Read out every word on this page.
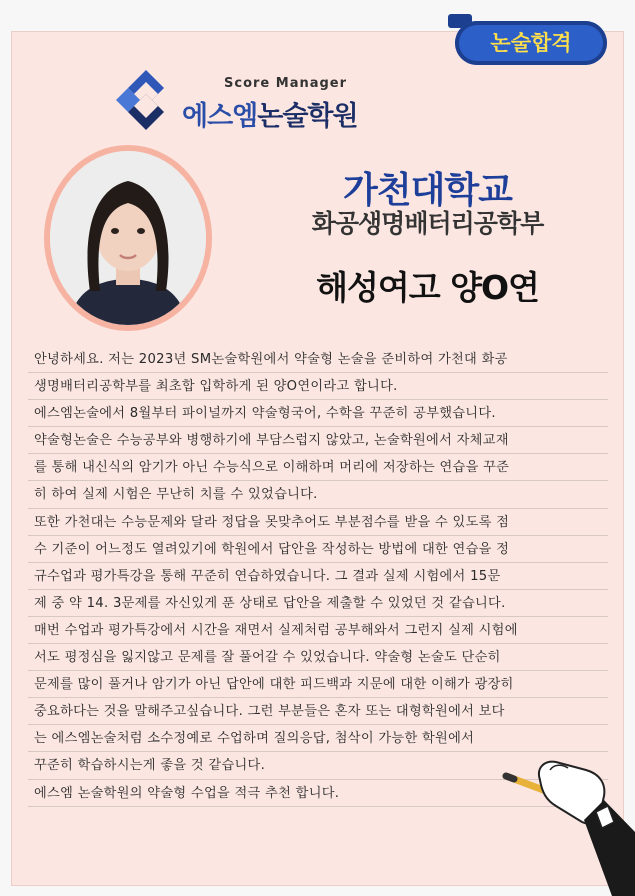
논술합격
Score Manager
에스엠논술학원
가천대학교
화공생명배터리공학부
해성여고 양O연
안녕하세요. 저는 2023년 SM논술학원에서 약술형 논술을 준비하여 가천대 화공
생명배터리공학부를 최초합 입학하게 된 양O연이라고 합니다.
에스엠논술에서 8월부터 파이널까지 약술형국어, 수학을 꾸준히 공부했습니다.
약술형논술은 수능공부와 병행하기에 부담스럽지 않았고, 논술학원에서 자체교재
를 통해 내신식의 암기가 아닌 수능식으로 이해하며 머리에 저장하는 연습을 꾸준
히 하여 실제 시험은 무난히 치를 수 있었습니다.
또한 가천대는 수능문제와 달라 정답을 못맞추어도 부분점수를 받을 수 있도록 점
수 기준이 어느정도 열려있기에 학원에서 답안을 작성하는 방법에 대한 연습을 정
규수업과 평가특강을 통해 꾸준히 연습하였습니다. 그 결과 실제 시험에서 15문
제 중 약 14. 3문제를 자신있게 푼 상태로 답안을 제출할 수 있었던 것 같습니다.
매번 수업과 평가특강에서 시간을 재면서 실제처럼 공부해와서 그런지 실제 시험에
서도 평정심을 잃지않고 문제를 잘 풀어갈 수 있었습니다. 약술형 논술도 단순히
문제를 많이 풀거나 암기가 아닌 답안에 대한 피드백과 지문에 대한 이해가 광장히
중요하다는 것을 말해주고싶습니다. 그런 부분들은 혼자 또는 대형학원에서 보다
는 에스엠논술처럼 소수정예로 수업하며 질의응답, 첨삭이 가능한 학원에서
꾸준히 학습하시는게 좋을 것 같습니다.
에스엠 논술학원의 약술형 수업을 적극 추천 합니다.
